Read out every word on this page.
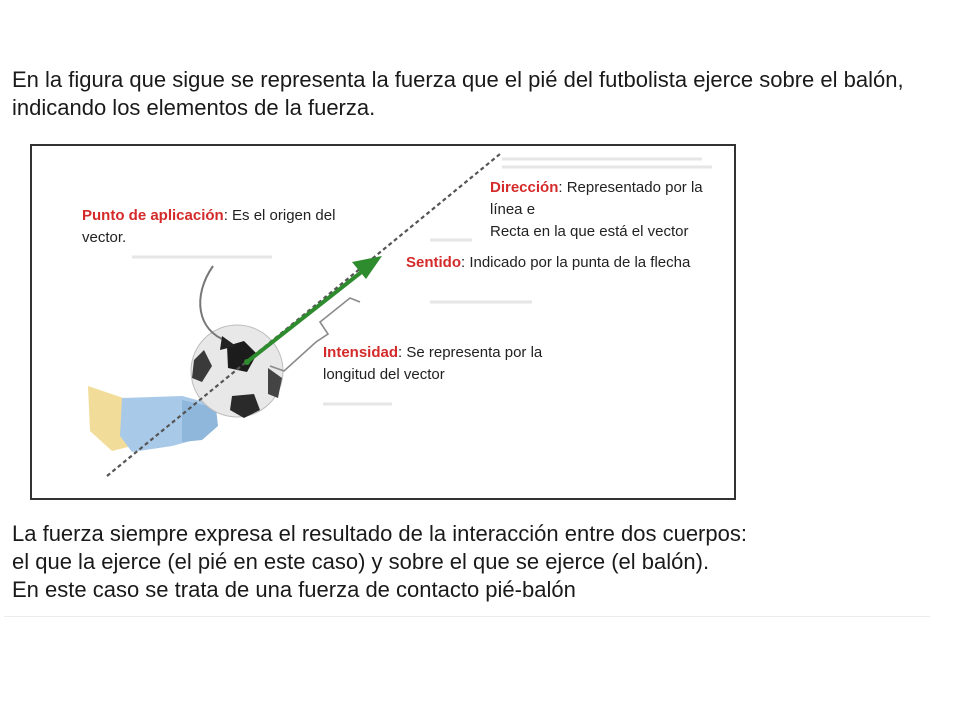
En la figura que sigue se representa la fuerza que el pié del futbolista ejerce sobre el balón, indicando los elementos de la fuerza.

Punto de aplicación: Es el origen del vector.

Dirección: Representado por la línea e
Recta en la que está el vector

Sentido: Indicado por la punta de la flecha

Intensidad: Se representa por la longitud del vector

La fuerza siempre expresa el resultado de la interacción entre dos cuerpos:
el que la ejerce (el pié en este caso) y sobre el que se ejerce (el balón).
En este caso se trata de una fuerza de contacto pié-balón
